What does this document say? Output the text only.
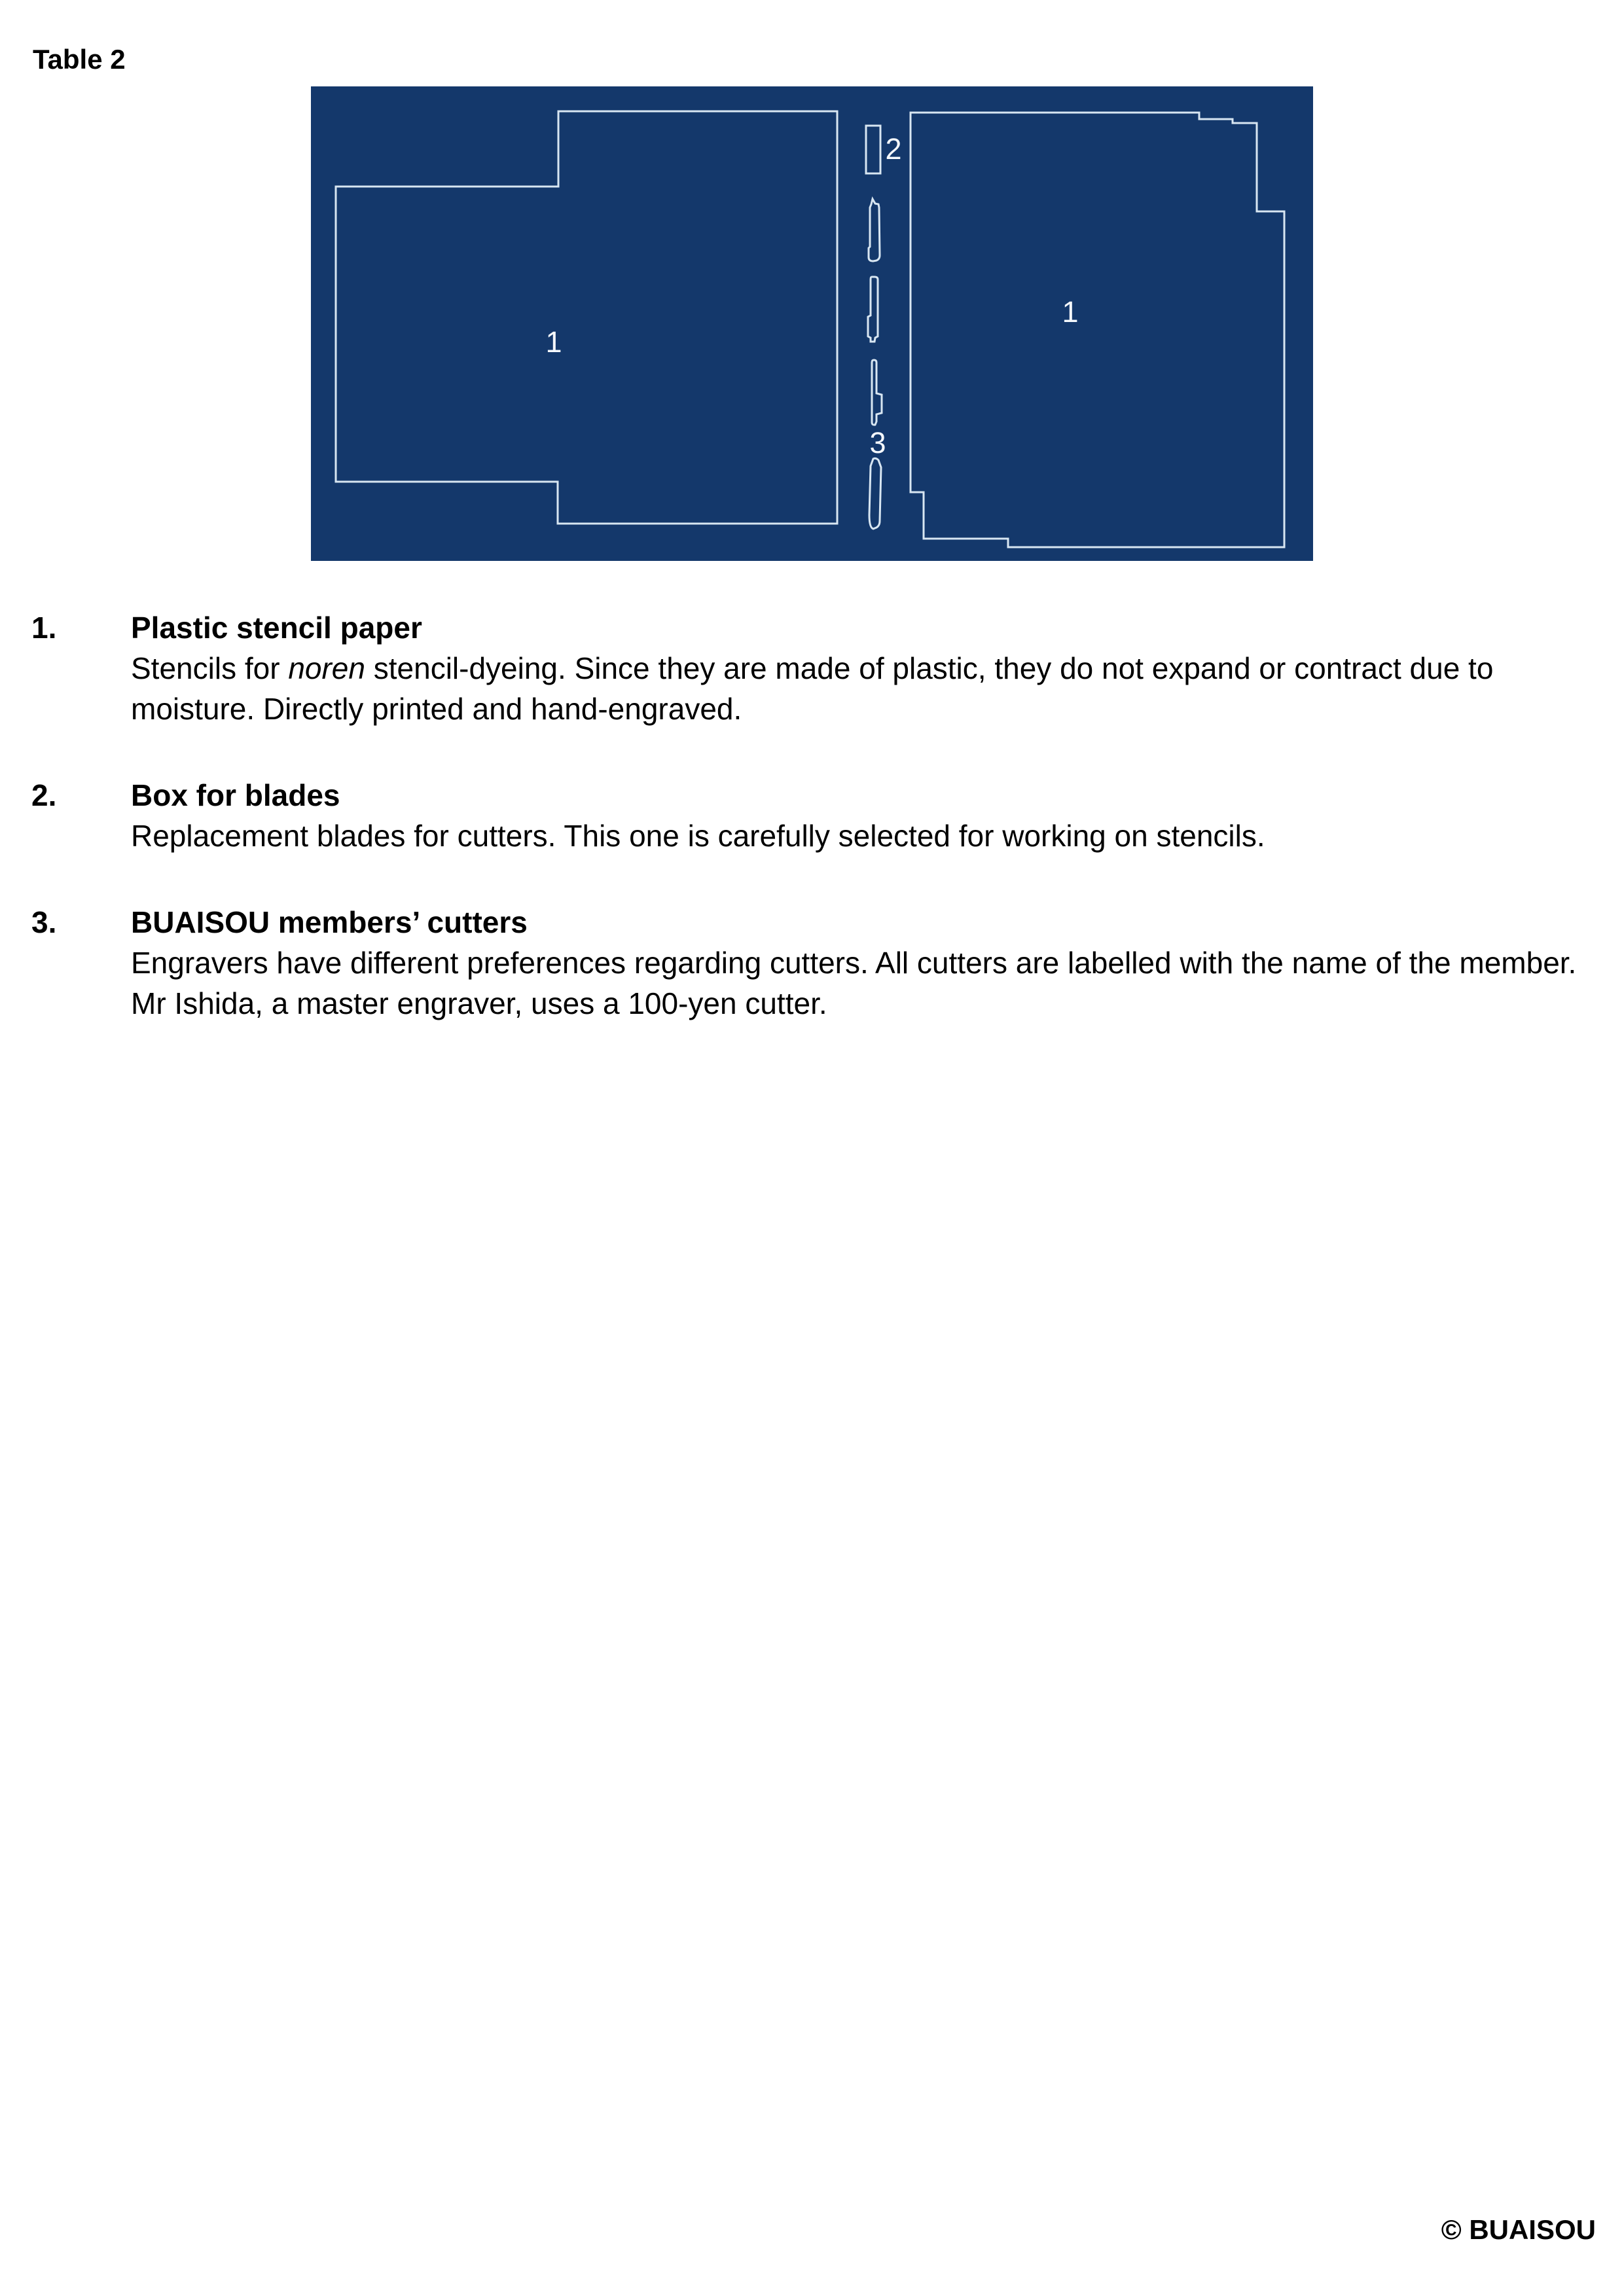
Table 2
1
1
2
3
1.	Plastic stencil paper
Stencils for noren stencil-dyeing. Since they are made of plastic, they do not expand or contract due to moisture. Directly printed and hand-engraved.
2.	Box for blades
Replacement blades for cutters. This one is carefully selected for working on stencils.
3.	BUAISOU members’ cutters
Engravers have different preferences regarding cutters. All cutters are labelled with the name of the member. Mr Ishida, a master engraver, uses a 100-yen cutter.
© BUAISOU
